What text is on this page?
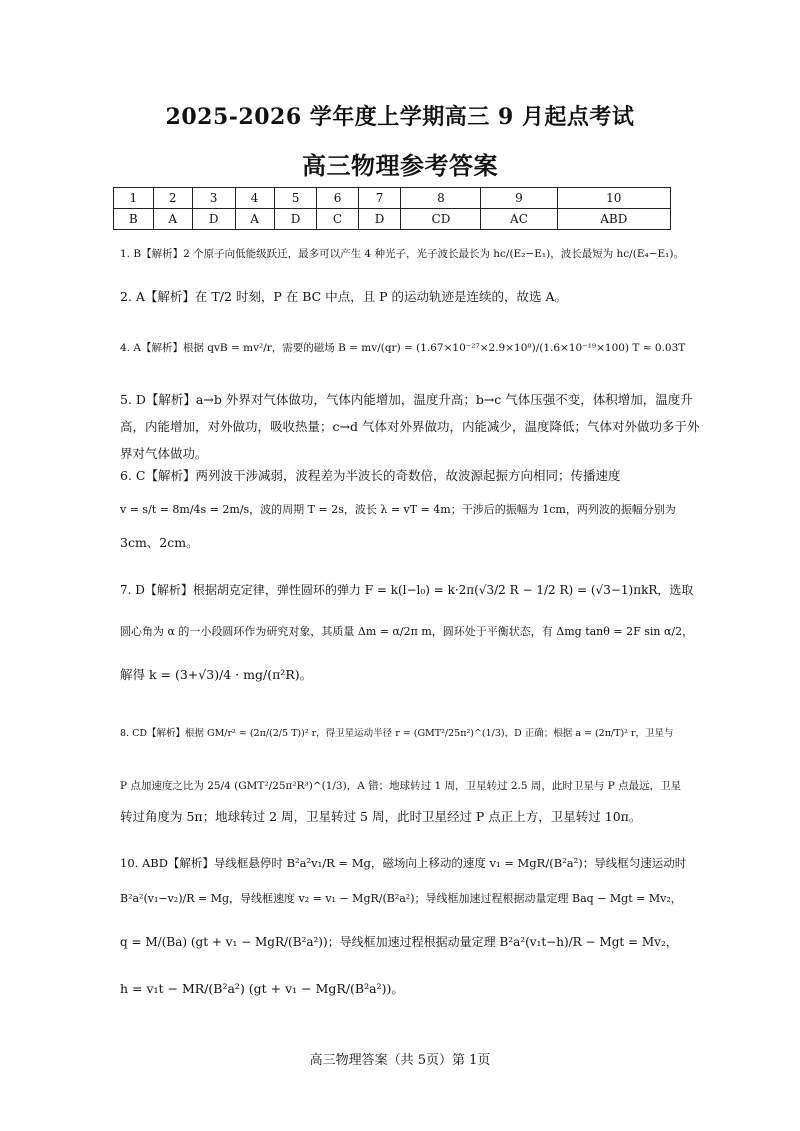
2025-2026 学年度上学期高三 9 月起点考试
高三物理参考答案
1	2	3	4	5	6	7	8	9	10
B	A	D	A	D	C	D	CD	AC	ABD
1. B【解析】2 个原子向低能级跃迁，最多可以产生 4 种光子，光子波长最长为 hc/(E₂−E₁)，波长最短为 hc/(E₄−E₁)。
2. A【解析】在 T/2 时刻，P 在 BC 中点，且 P 的运动轨迹是连续的，故选 A。
4. A【解析】根据 qvB = mv²/r，需要的磁场 B = mv/(qr) = (1.67×10⁻²⁷×2.9×10⁸)/(1.6×10⁻¹⁹×100) T ≈ 0.03T
5. D【解析】a→b 外界对气体做功，气体内能增加，温度升高；b→c 气体压强不变，体积增加，温度升高，内能增加，对外做功，吸收热量；c→d 气体对外界做功，内能减少，温度降低；气体对外做功多于外界对气体做功。
6. C【解析】两列波干涉减弱，波程差为半波长的奇数倍，故波源起振方向相同；传播速度
v = s/t = 8m/4s = 2m/s，波的周期 T = 2s，波长 λ = vT = 4m；干涉后的振幅为 1cm，两列波的振幅分别为
3cm、2cm。
7. D【解析】根据胡克定律，弹性圆环的弹力 F = k(l−l₀) = k·2π(√3/2 R − 1/2 R) = (√3−1)πkR，选取
圆心角为 α 的一小段圆环作为研究对象，其质量 Δm = α/2π m，圆环处于平衡状态，有 Δmg tanθ = 2F sin α/2，
解得 k = (3+√3)/4 · mg/(π²R)。
8. CD【解析】根据 GM/r² = (2π/(2/5 T))² r，得卫星运动半径 r = (GMT²/25π²)^(1/3)，D 正确；根据 a = (2π/T)² r，卫星与
P 点加速度之比为 25/4 (GMT²/25π²R³)^(1/3)，A 错；地球转过 1 周，卫星转过 2.5 周，此时卫星与 P 点最远，卫星
转过角度为 5π；地球转过 2 周，卫星转过 5 周，此时卫星经过 P 点正上方，卫星转过 10π。
10. ABD【解析】导线框悬停时 B²a²v₁/R = Mg，磁场向上移动的速度 v₁ = MgR/(B²a²)；导线框匀速运动时
B²a²(v₁−v₂)/R = Mg，导线框速度 v₂ = v₁ − MgR/(B²a²)；导线框加速过程根据动量定理 Baq − Mgt = Mv₂，
q = M/(Ba) (gt + v₁ − MgR/(B²a²))；导线框加速过程根据动量定理 B²a²(v₁t−h)/R − Mgt = Mv₂，
h = v₁t − MR/(B²a²) (gt + v₁ − MgR/(B²a²))。
高三物理答案（共 5页）第 1页
